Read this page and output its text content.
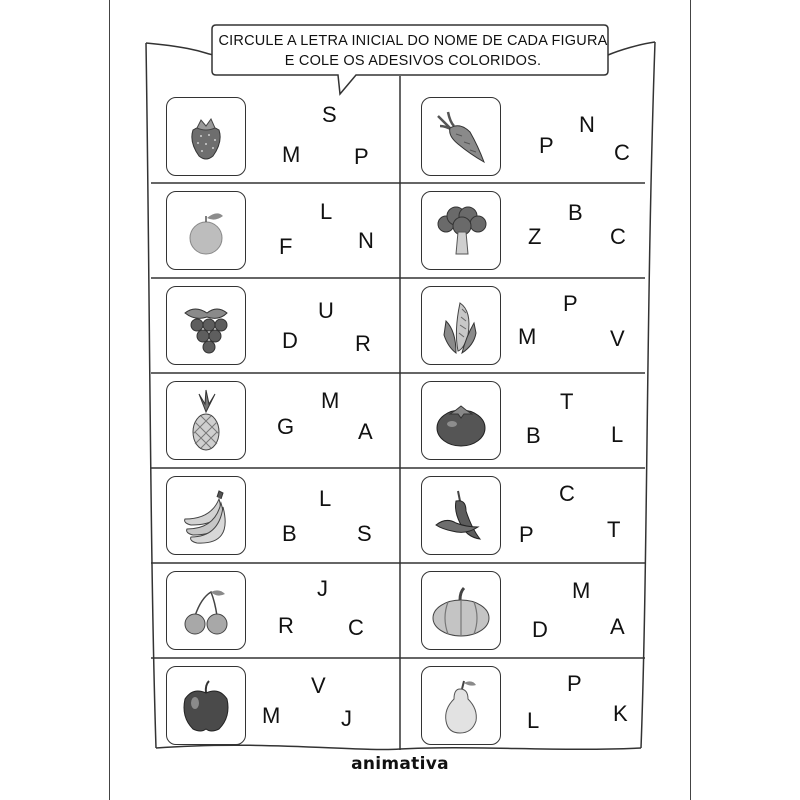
CIRCULE A LETRA INICIAL DO NOME DE CADA FIGURA
E COLE OS ADESIVOS COLORIDOS.
S
M P
N
P	C
L
F	N
B
Z	C
U
D	R
P
M	V
M
G	A
T
B	L
L
B	S
C
P	T
J
R C
M
D	A
V
M	J
P
L	K
animativa
